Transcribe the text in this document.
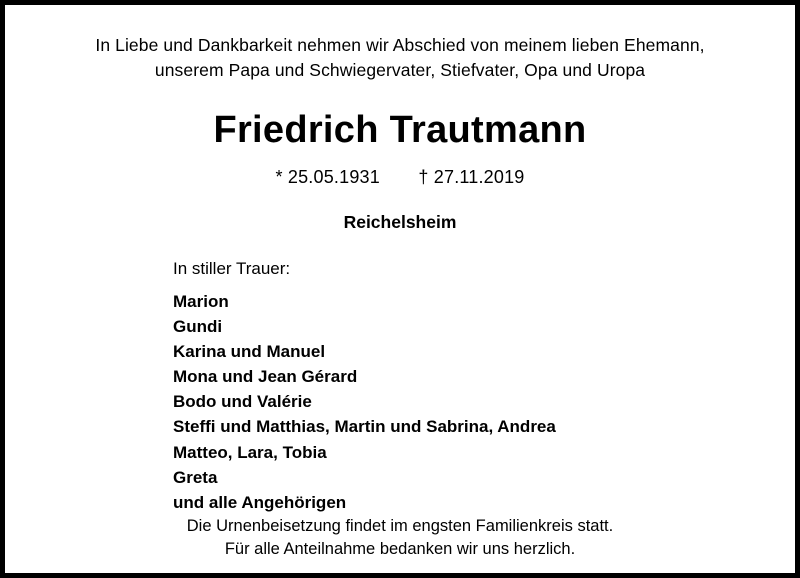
In Liebe und Dankbarkeit nehmen wir Abschied von meinem lieben Ehemann,
unserem Papa und Schwiegervater, Stiefvater, Opa und Uropa
Friedrich Trautmann
* 25.05.1931 † 27.11.2019
Reichelsheim
In stiller Trauer:
Marion
Gundi
Karina und Manuel
Mona und Jean Gérard
Bodo und Valérie
Steffi und Matthias, Martin und Sabrina, Andrea
Matteo, Lara, Tobia
Greta
und alle Angehörigen
Die Urnenbeisetzung findet im engsten Familienkreis statt.
Für alle Anteilnahme bedanken wir uns herzlich.
